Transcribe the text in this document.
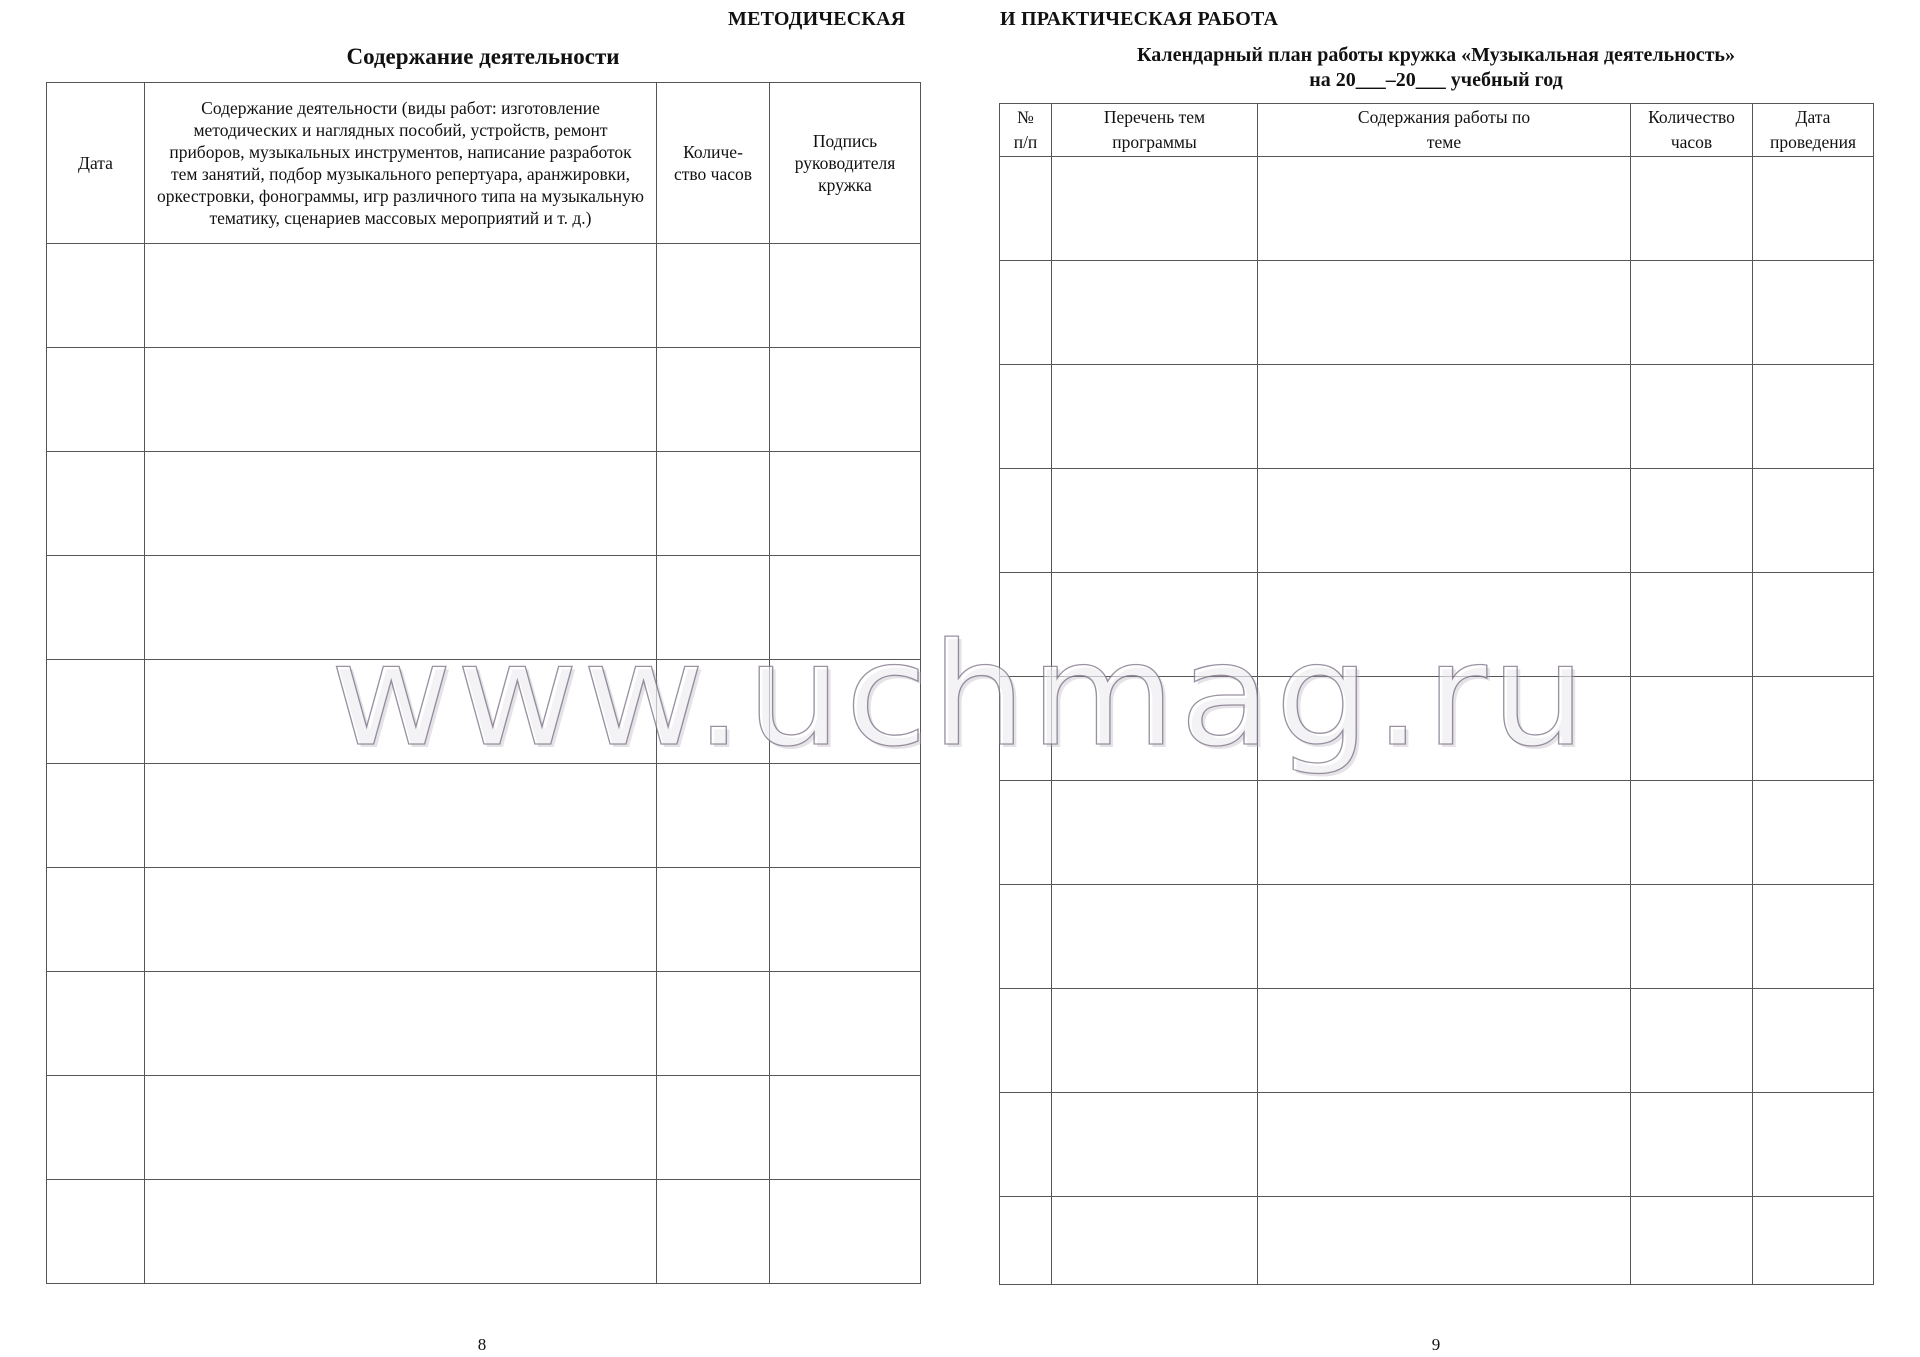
МЕТОДИЧЕСКАЯ	И ПРАКТИЧЕСКАЯ РАБОТА
Содержание деятельности	Календарный план работы кружка «Музыкальная деятельность»
на 20___–20___ учебный год
Дата	Содержание деятельности (виды работ: изготовление методических и наглядных пособий, устройств, ремонт приборов, музыкальных инструментов, написание разработок тем занятий, подбор музыкального репертуара, аранжировки, оркестровки, фонограммы, игр различного типа на музыкальную тематику, сценариев массовых мероприятий и т. д.)	Количе-ство часов	Подпись руководителя кружка

№ п/п	Перечень тем программы	Содержания работы по теме	Количество часов	Дата проведения

8	9
www.uchmag.ru
